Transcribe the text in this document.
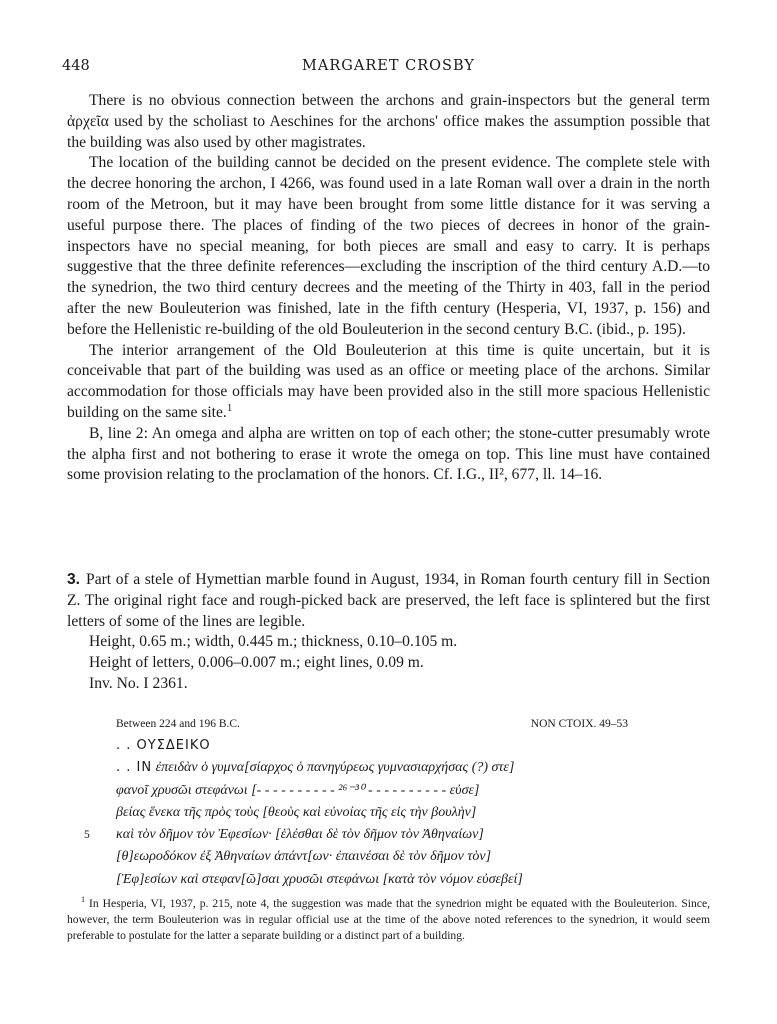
448	MARGARET CROSBY

There is no obvious connection between the archons and grain-inspectors but the general term ἀρχεῖα used by the scholiast to Aeschines for the archons' office makes the assumption possible that the building was also used by other magistrates.

The location of the building cannot be decided on the present evidence. The complete stele with the decree honoring the archon, I 4266, was found used in a late Roman wall over a drain in the north room of the Metroon, but it may have been brought from some little distance for it was serving a useful purpose there. The places of finding of the two pieces of decrees in honor of the grain-inspectors have no special meaning, for both pieces are small and easy to carry. It is perhaps suggestive that the three definite references—excluding the inscription of the third century A.D.—to the synedrion, the two third century decrees and the meeting of the Thirty in 403, fall in the period after the new Bouleuterion was finished, late in the fifth century (Hesperia, VI, 1937, p. 156) and before the Hellenistic re-building of the old Bouleuterion in the second century B.C. (ibid., p. 195).

The interior arrangement of the Old Bouleuterion at this time is quite uncertain, but it is conceivable that part of the building was used as an office or meeting place of the archons. Similar accommodation for those officials may have been provided also in the still more spacious Hellenistic building on the same site.$^1$

B, line 2: An omega and alpha are written on top of each other; the stone-cutter presumably wrote the alpha first and not bothering to erase it wrote the omega on top. This line must have contained some provision relating to the proclamation of the honors. Cf. I.G., II², 677, ll. 14–16.

3. Part of a stele of Hymettian marble found in August, 1934, in Roman fourth century fill in Section Z. The original right face and rough-picked back are preserved, the left face is splintered but the first letters of some of the lines are legible.

Height, 0.65 m.; width, 0.445 m.; thickness, 0.10–0.105 m.

Height of letters, 0.006–0.007 m.; eight lines, 0.09 m.

Inv. No. I 2361.

Between 224 and 196 B.C.	NON CTOIX. 49–53
. . ΟΥΣΔΕΙΚΟ
. . ΙΝ ἐπειδὰν ὁ γυμνα[σίαρχος ὁ πανηγύρεως γυμνασιαρχήσας (?) στε]
φανοῖ χρυσῶι στεφάνωι [- - - - - - - - - - ²⁶⁻³⁰ - - - - - - - - - - εὐσε]
βείας ἕνεκα τῆς πρὸς τοὺς [θεοὺς καὶ εὐνοίας τῆς εἰς τὴν βουλὴν]
5 καὶ τὸν δῆμον τὸν Ἐφεσίων· [ἑλέσθαι δὲ τὸν δῆμον τὸν Ἀθηναίων]
[θ]εωροδόκον ἐξ Ἀθηναίων ἁπάντ[ων· ἐπαινέσαι δὲ τὸν δῆμον τὸν]
[Ἐφ]εσίων καὶ στεφαν[ῶ]σαι χρυσῶι στεφάνωι [κατὰ τὸν νόμον εὐσεβεί]

$^1$ In Hesperia, VI, 1937, p. 215, note 4, the suggestion was made that the synedrion might be equated with the Bouleuterion. Since, however, the term Bouleuterion was in regular official use at the time of the above noted references to the synedrion, it would seem preferable to postulate for the latter a separate building or a distinct part of a building.
